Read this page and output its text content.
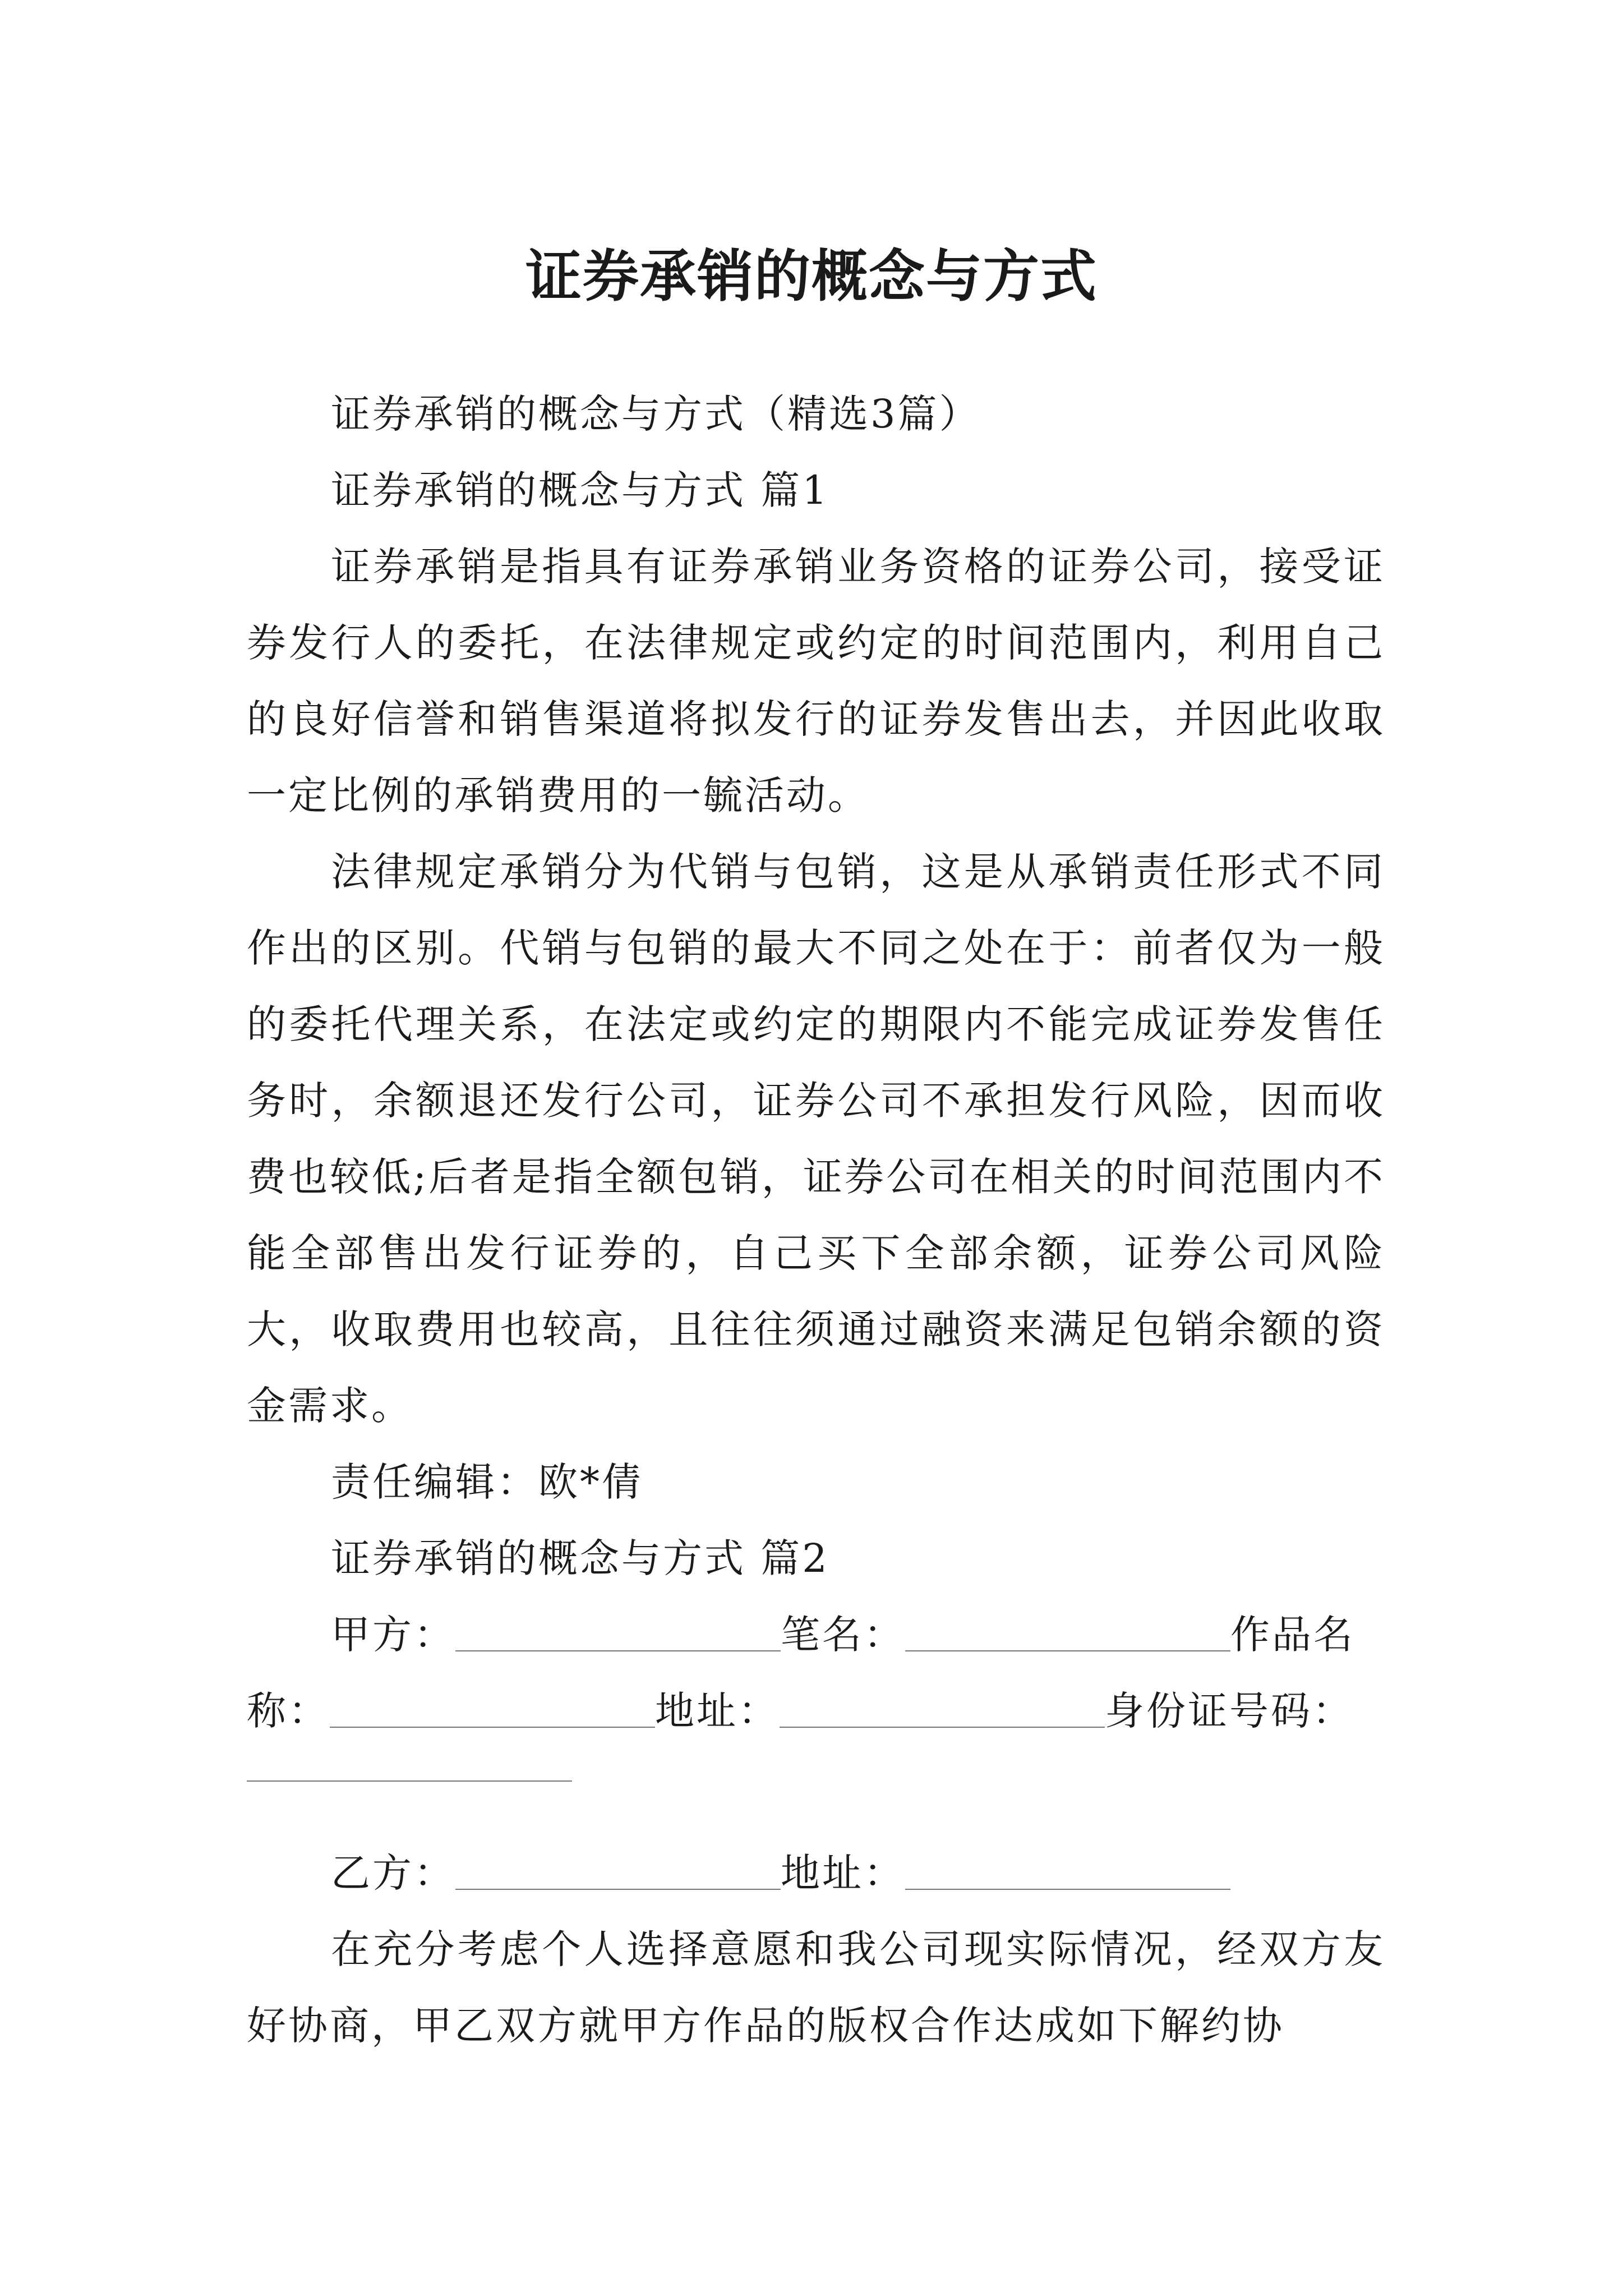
证券承销的概念与方式

证券承销的概念与方式（精选3篇）

证券承销的概念与方式 篇1

证券承销是指具有证券承销业务资格的证券公司，接受证券发行人的委托，在法律规定或约定的时间范围内，利用自己的良好信誉和销售渠道将拟发行的证券发售出去，并因此收取一定比例的承销费用的一毓活动。

法律规定承销分为代销与包销，这是从承销责任形式不同作出的区别。代销与包销的最大不同之处在于：前者仅为一般的委托代理关系，在法定或约定的期限内不能完成证券发售任务时，余额退还发行公司，证券公司不承担发行风险，因而收费也较低;后者是指全额包销，证券公司在相关的时间范围内不能全部售出发行证券的，自己买下全部余额，证券公司风险大，收取费用也较高，且往往须通过融资来满足包销余额的资金需求。

责任编辑：欧*倩

证券承销的概念与方式 篇2

甲方：	笔名：	作品名
称：	地址：	身份证号码：
乙方：	地址：

在充分考虑个人选择意愿和我公司现实际情况，经双方友好协商，甲乙双方就甲方作品的版权合作达成如下解约协
